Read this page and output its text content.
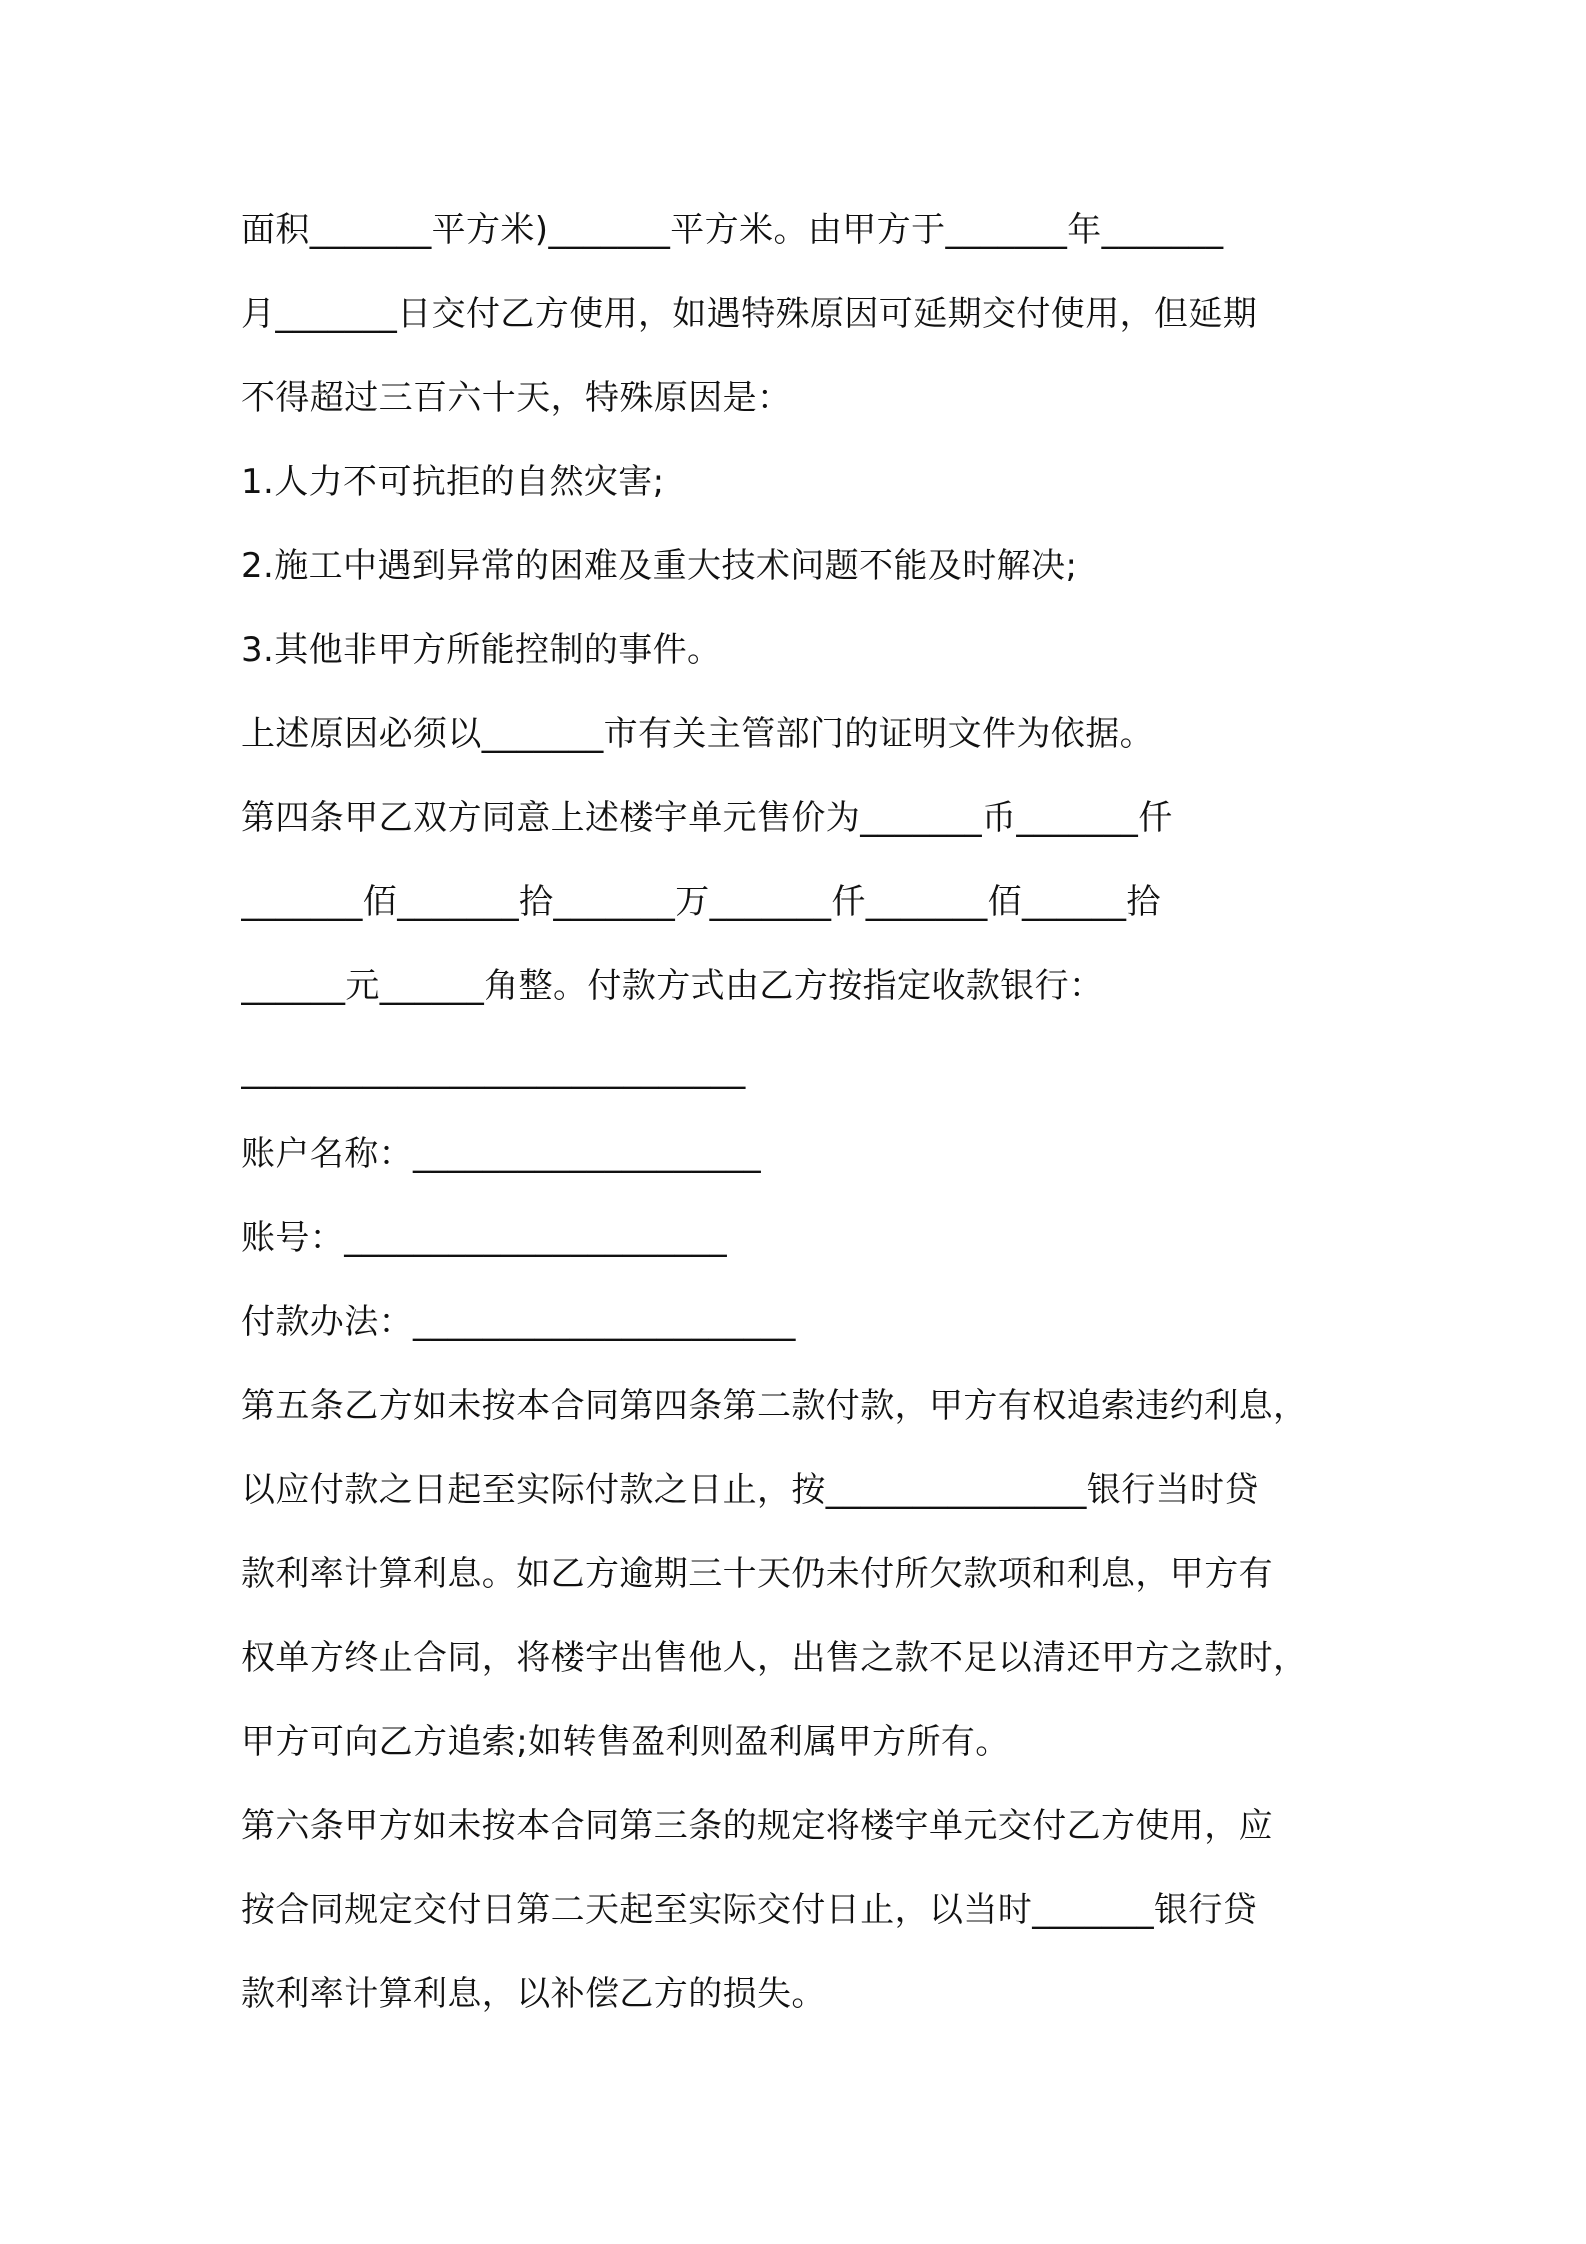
面积_______平方米)_______平方米。由甲方于_______年_______
月_______日交付乙方使用，如遇特殊原因可延期交付使用，但延期
不得超过三百六十天，特殊原因是：
1.人力不可抗拒的自然灾害;
2.施工中遇到异常的困难及重大技术问题不能及时解决;
3.其他非甲方所能控制的事件。
上述原因必须以_______市有关主管部门的证明文件为依据。
第四条甲乙双方同意上述楼宇单元售价为_______币_______仟
_______佰_______拾_______万_______仟_______佰______拾
______元______角整。付款方式由乙方按指定收款银行：
_____________________________
账户名称：____________________
账号：______________________
付款办法：______________________
第五条乙方如未按本合同第四条第二款付款，甲方有权追索违约利息，
以应付款之日起至实际付款之日止，按_______________银行当时贷
款利率计算利息。如乙方逾期三十天仍未付所欠款项和利息，甲方有
权单方终止合同，将楼宇出售他人，出售之款不足以清还甲方之款时，
甲方可向乙方追索;如转售盈利则盈利属甲方所有。
第六条甲方如未按本合同第三条的规定将楼宇单元交付乙方使用，应
按合同规定交付日第二天起至实际交付日止，以当时_______银行贷
款利率计算利息，以补偿乙方的损失。
